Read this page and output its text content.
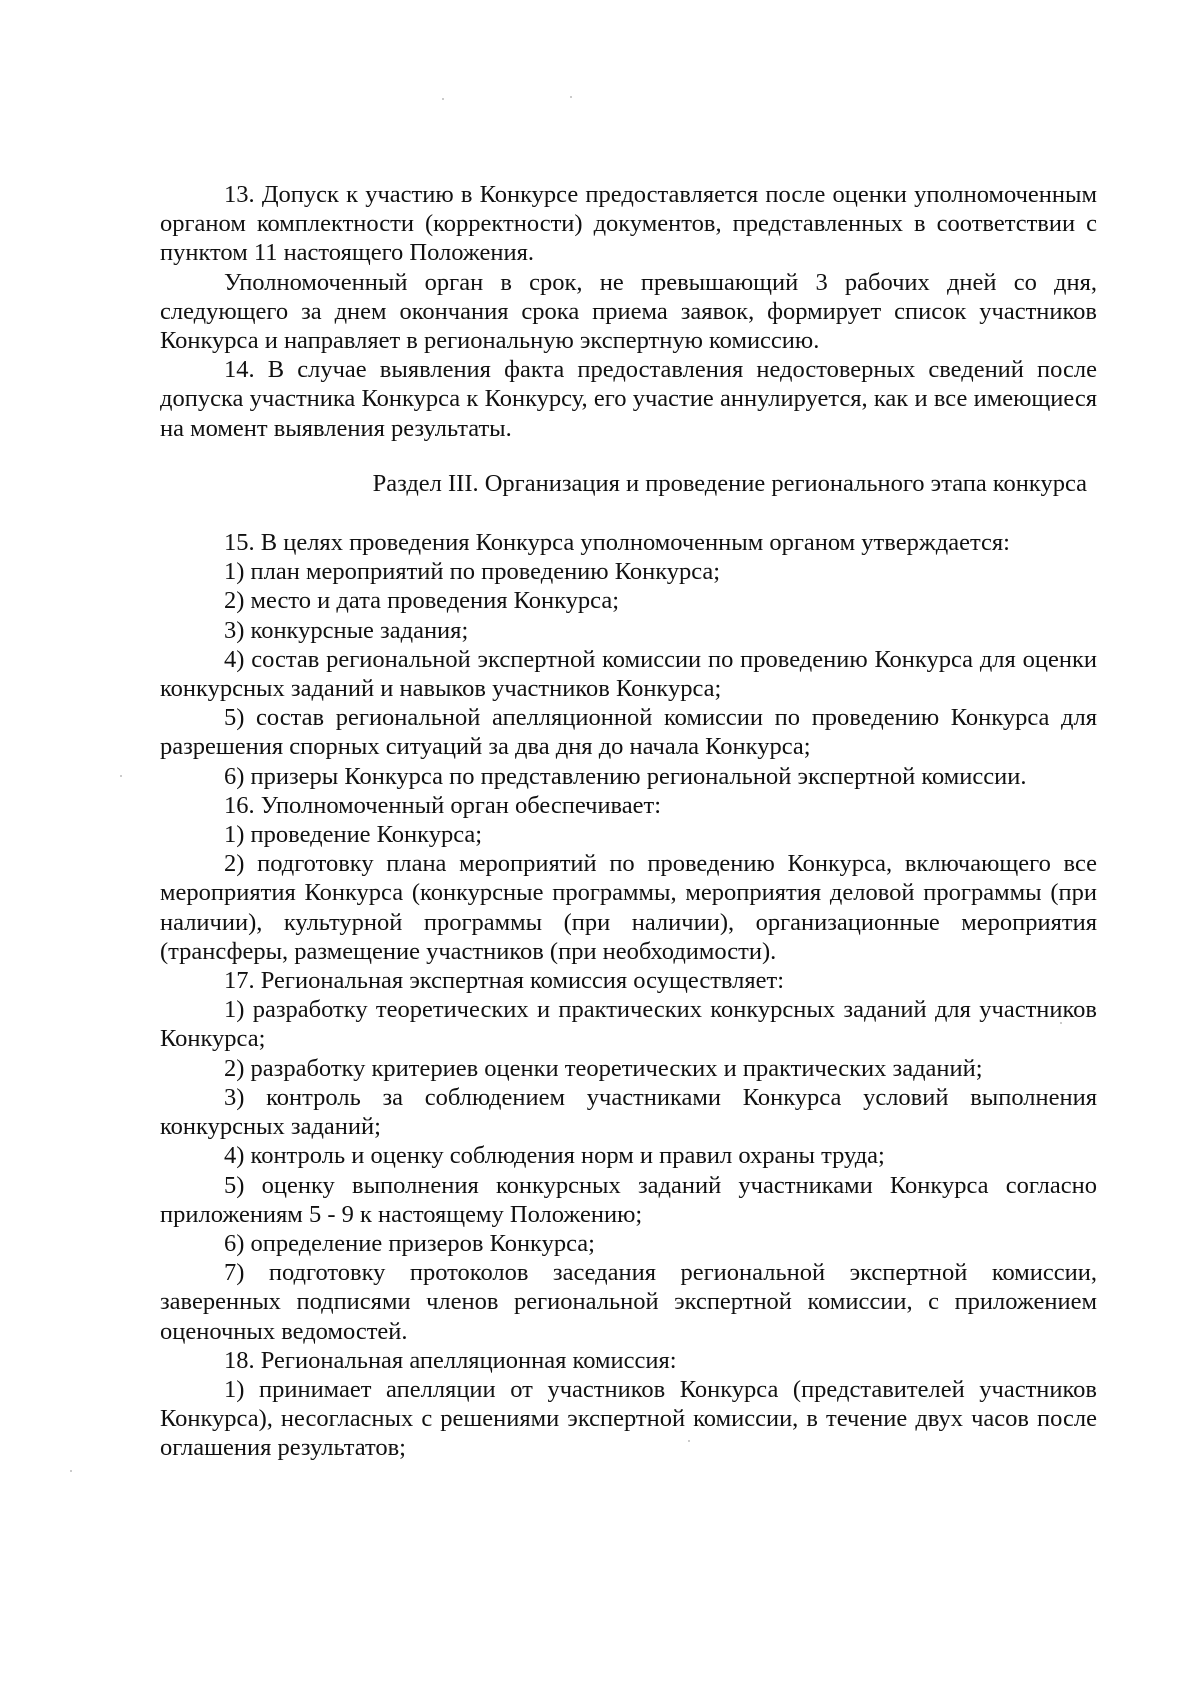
13. Допуск к участию в Конкурсе предоставляется после оценки уполномоченным органом комплектности (корректности) документов, представленных в соответствии с пунктом 11 настоящего Положения.

Уполномоченный орган в срок, не превышающий 3 рабочих дней со дня, следующего за днем окончания срока приема заявок, формирует список участников Конкурса и направляет в региональную экспертную комиссию.

14. В случае выявления факта предоставления недостоверных сведений после допуска участника Конкурса к Конкурсу, его участие аннулируется, как и все имеющиеся на момент выявления результаты.

Раздел III. Организация и проведение регионального этапа конкурса

15. В целях проведения Конкурса уполномоченным органом утверждается:

1) план мероприятий по проведению Конкурса;

2) место и дата проведения Конкурса;

3) конкурсные задания;

4) состав региональной экспертной комиссии по проведению Конкурса для оценки конкурсных заданий и навыков участников Конкурса;

5) состав региональной апелляционной комиссии по проведению Конкурса для разрешения спорных ситуаций за два дня до начала Конкурса;

6) призеры Конкурса по представлению региональной экспертной комиссии.

16. Уполномоченный орган обеспечивает:

1) проведение Конкурса;

2) подготовку плана мероприятий по проведению Конкурса, включающего все мероприятия Конкурса (конкурсные программы, мероприятия деловой программы (при наличии), культурной программы (при наличии), организационные мероприятия (трансферы, размещение участников (при необходимости).

17. Региональная экспертная комиссия осуществляет:

1) разработку теоретических и практических конкурсных заданий для участников Конкурса;

2) разработку критериев оценки теоретических и практических заданий;

3) контроль за соблюдением участниками Конкурса условий выполнения конкурсных заданий;

4) контроль и оценку соблюдения норм и правил охраны труда;

5) оценку выполнения конкурсных заданий участниками Конкурса согласно приложениям 5 - 9 к настоящему Положению;

6) определение призеров Конкурса;

7) подготовку протоколов заседания региональной экспертной комиссии, заверенных подписями членов региональной экспертной комиссии, с приложением оценочных ведомостей.

18. Региональная апелляционная комиссия:

1) принимает апелляции от участников Конкурса (представителей участников Конкурса), несогласных с решениями экспертной комиссии, в течение двух часов после оглашения результатов;
